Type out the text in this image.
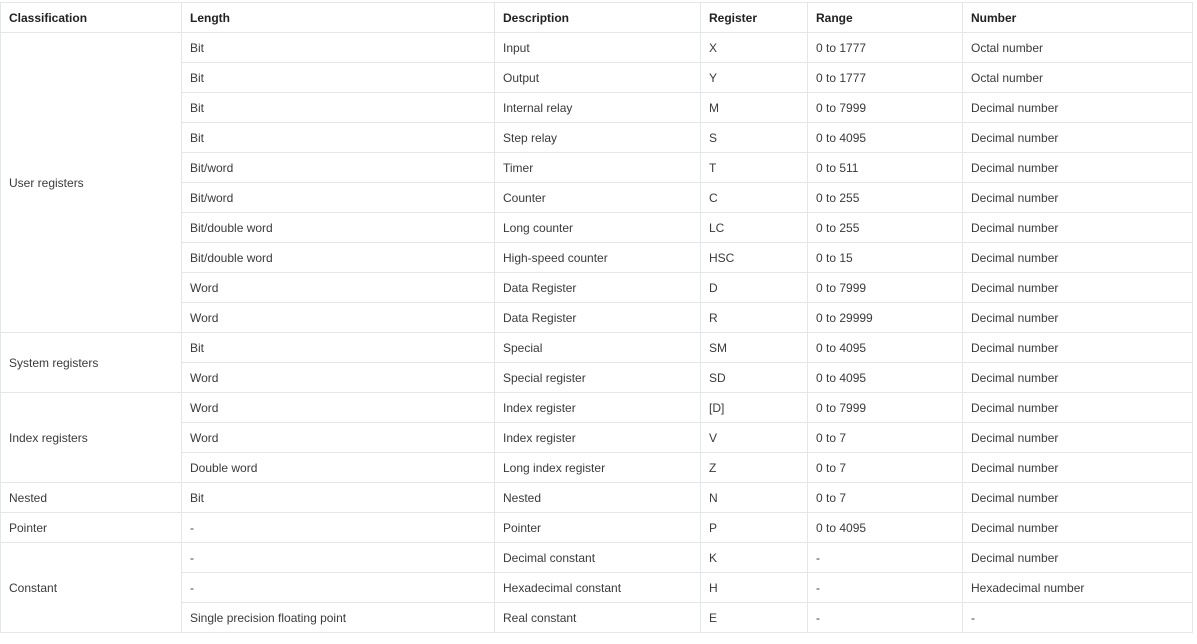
Classification	Length	Description	Register	Range	Number
User registers	Bit	Input	X	0 to 1777	Octal number
	Bit	Output	Y	0 to 1777	Octal number
	Bit	Internal relay	M	0 to 7999	Decimal number
	Bit	Step relay	S	0 to 4095	Decimal number
	Bit/word	Timer	T	0 to 511	Decimal number
	Bit/word	Counter	C	0 to 255	Decimal number
	Bit/double word	Long counter	LC	0 to 255	Decimal number
	Bit/double word	High-speed counter	HSC	0 to 15	Decimal number
	Word	Data Register	D	0 to 7999	Decimal number
	Word	Data Register	R	0 to 29999	Decimal number
System registers	Bit	Special	SM	0 to 4095	Decimal number
	Word	Special register	SD	0 to 4095	Decimal number
Index registers	Word	Index register	[D]	0 to 7999	Decimal number
	Word	Index register	V	0 to 7	Decimal number
	Double word	Long index register	Z	0 to 7	Decimal number
Nested	Bit	Nested	N	0 to 7	Decimal number
Pointer	-	Pointer	P	0 to 4095	Decimal number
Constant	-	Decimal constant	K	-	Decimal number
	-	Hexadecimal constant	H	-	Hexadecimal number
	Single precision floating point	Real constant	E	-	-
